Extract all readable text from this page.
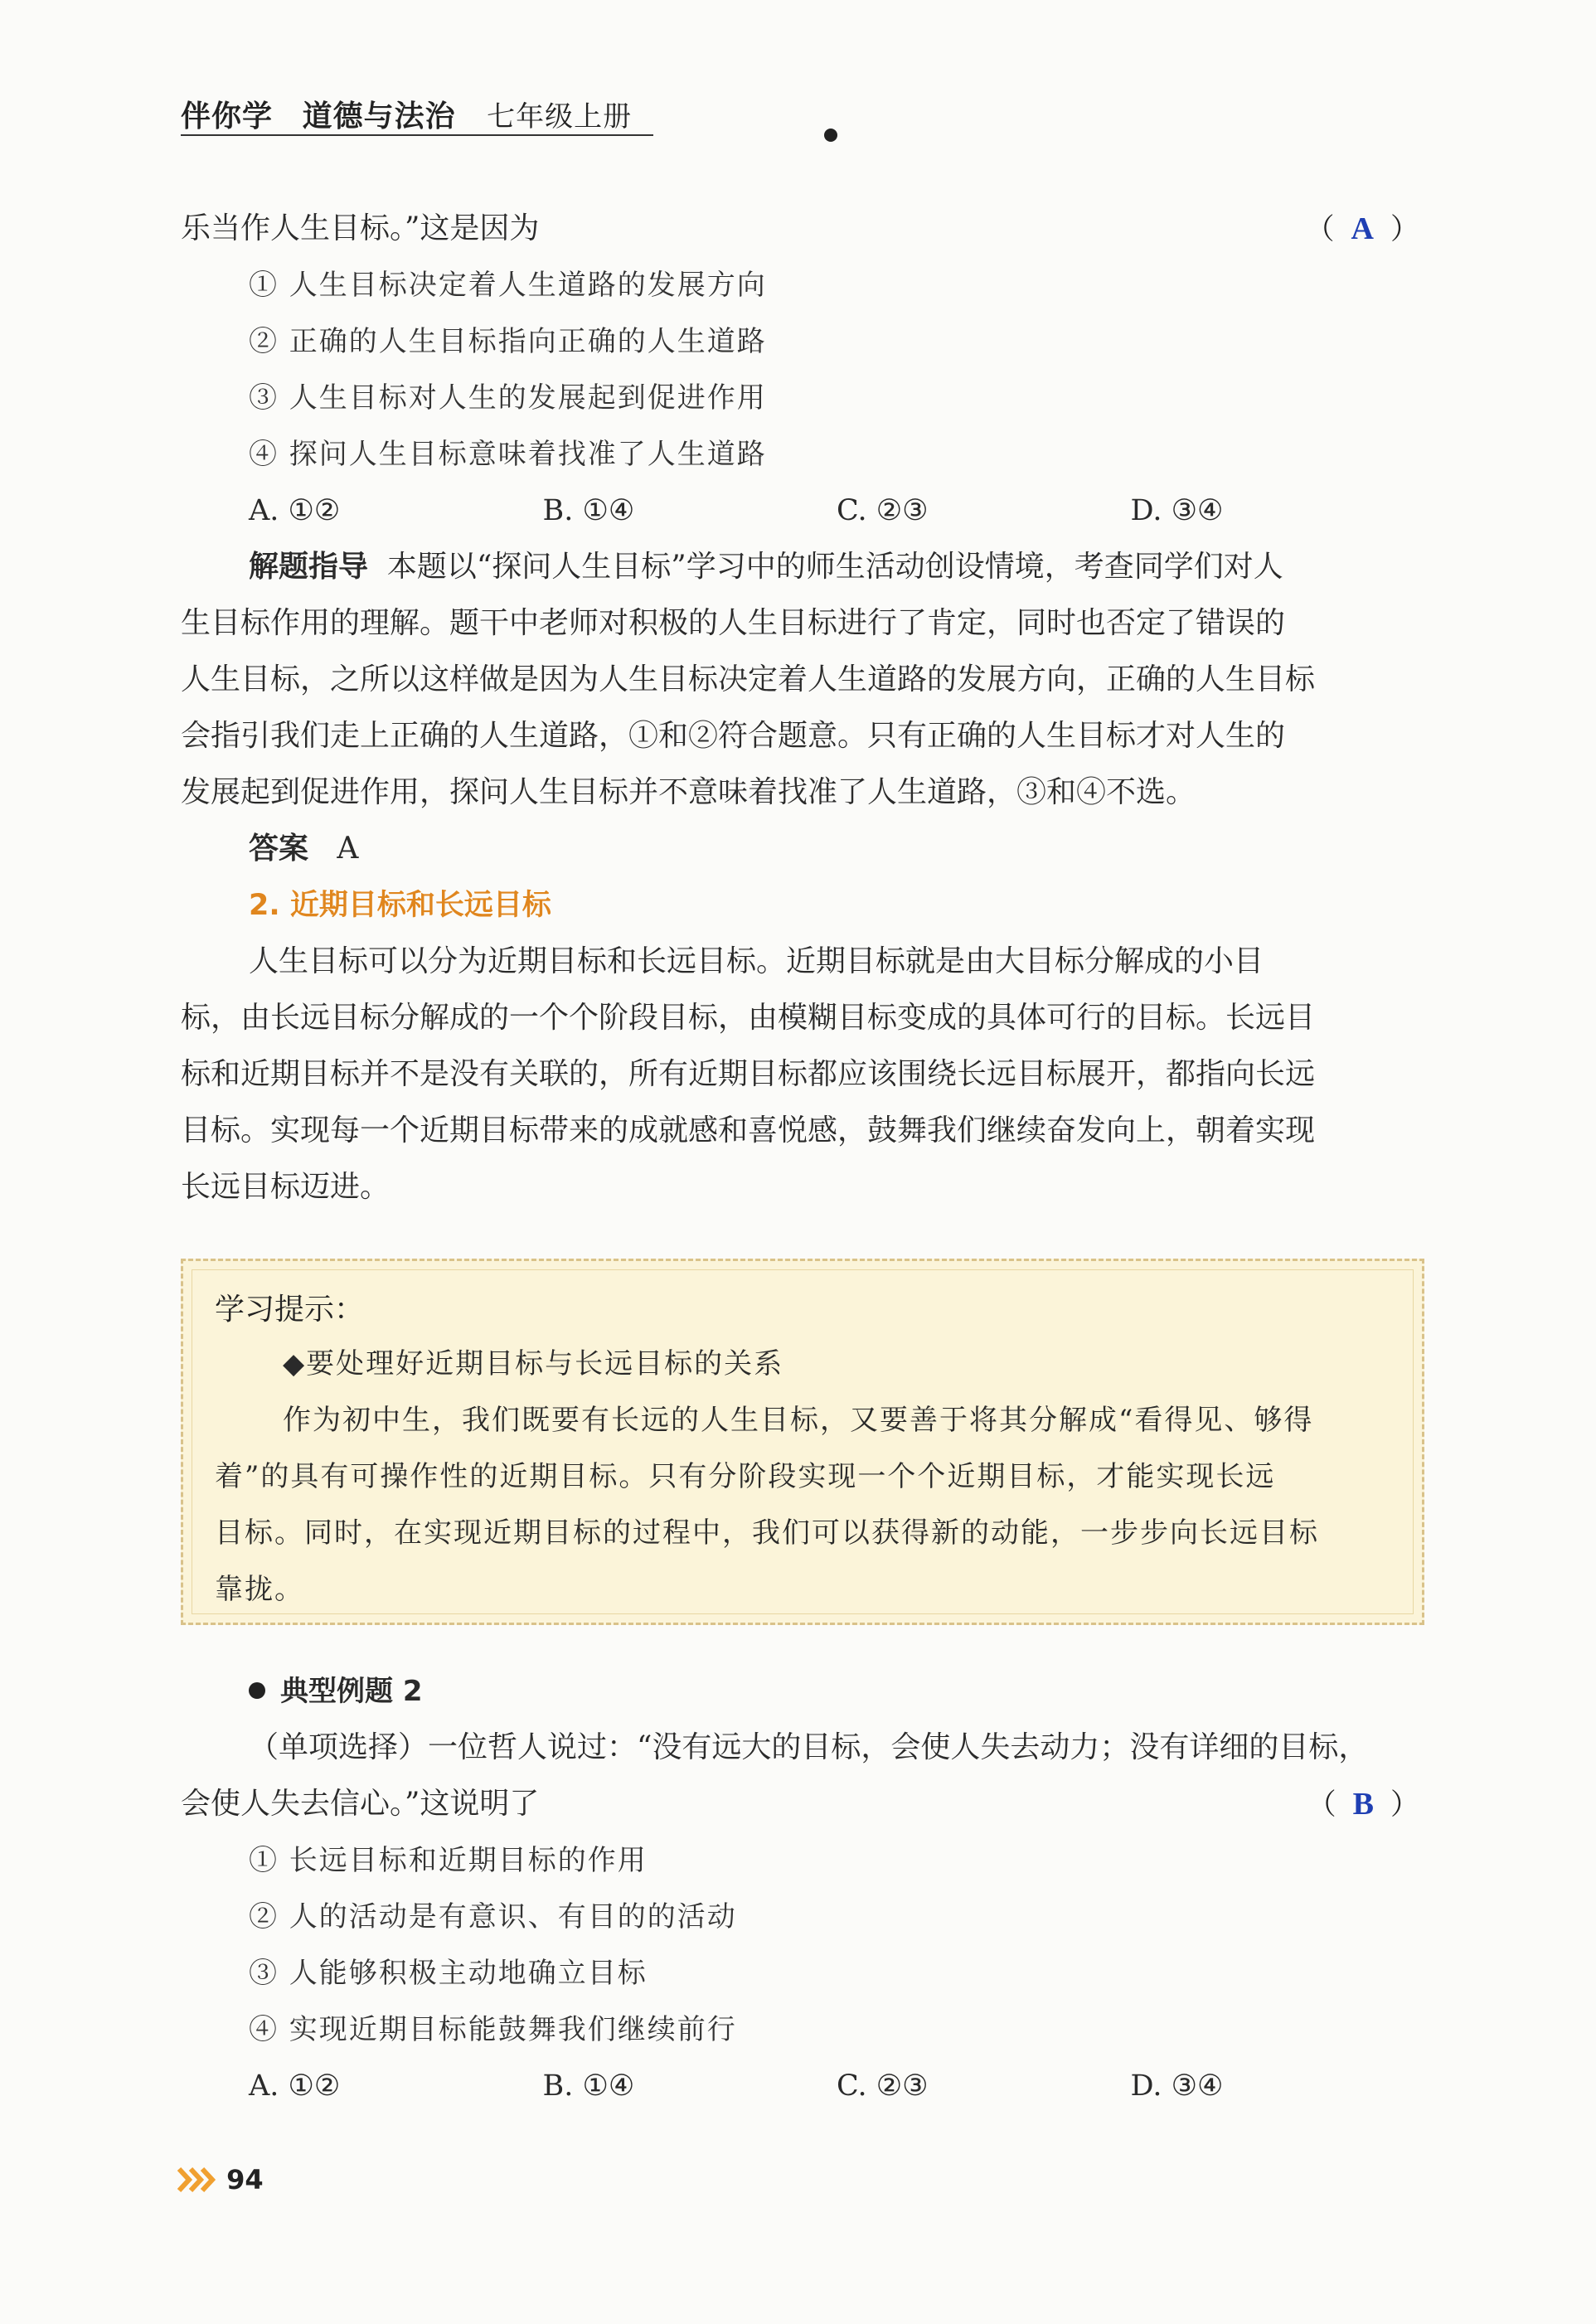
伴你学 道德与法治 七年级上册
乐当作人生目标。”这是因为	（ A ）
① 人生目标决定着人生道路的发展方向
② 正确的人生目标指向正确的人生道路
③ 人生目标对人生的发展起到促进作用
④ 探问人生目标意味着找准了人生道路
A. ①②	B. ①④	C. ②③	D. ③④
解题指导 本题以“探问人生目标”学习中的师生活动创设情境，考查同学们对人
生目标作用的理解。题干中老师对积极的人生目标进行了肯定，同时也否定了错误的
人生目标，之所以这样做是因为人生目标决定着人生道路的发展方向，正确的人生目标
会指引我们走上正确的人生道路，①和②符合题意。只有正确的人生目标才对人生的
发展起到促进作用，探问人生目标并不意味着找准了人生道路，③和④不选。
答案 A
2. 近期目标和长远目标
人生目标可以分为近期目标和长远目标。近期目标就是由大目标分解成的小目
标，由长远目标分解成的一个个阶段目标，由模糊目标变成的具体可行的目标。长远目
标和近期目标并不是没有关联的，所有近期目标都应该围绕长远目标展开，都指向长远
目标。实现每一个近期目标带来的成就感和喜悦感，鼓舞我们继续奋发向上，朝着实现
长远目标迈进。
学习提示：
◆要处理好近期目标与长远目标的关系
作为初中生，我们既要有长远的人生目标，又要善于将其分解成“看得见、够得
着”的具有可操作性的近期目标。只有分阶段实现一个个近期目标，才能实现长远
目标。同时，在实现近期目标的过程中，我们可以获得新的动能，一步步向长远目标
靠拢。
典型例题 2
（单项选择）一位哲人说过：“没有远大的目标，会使人失去动力；没有详细的目标，
会使人失去信心。”这说明了	（ B ）
① 长远目标和近期目标的作用
② 人的活动是有意识、有目的的活动
③ 人能够积极主动地确立目标
④ 实现近期目标能鼓舞我们继续前行
A. ①②	B. ①④	C. ②③	D. ③④
94
